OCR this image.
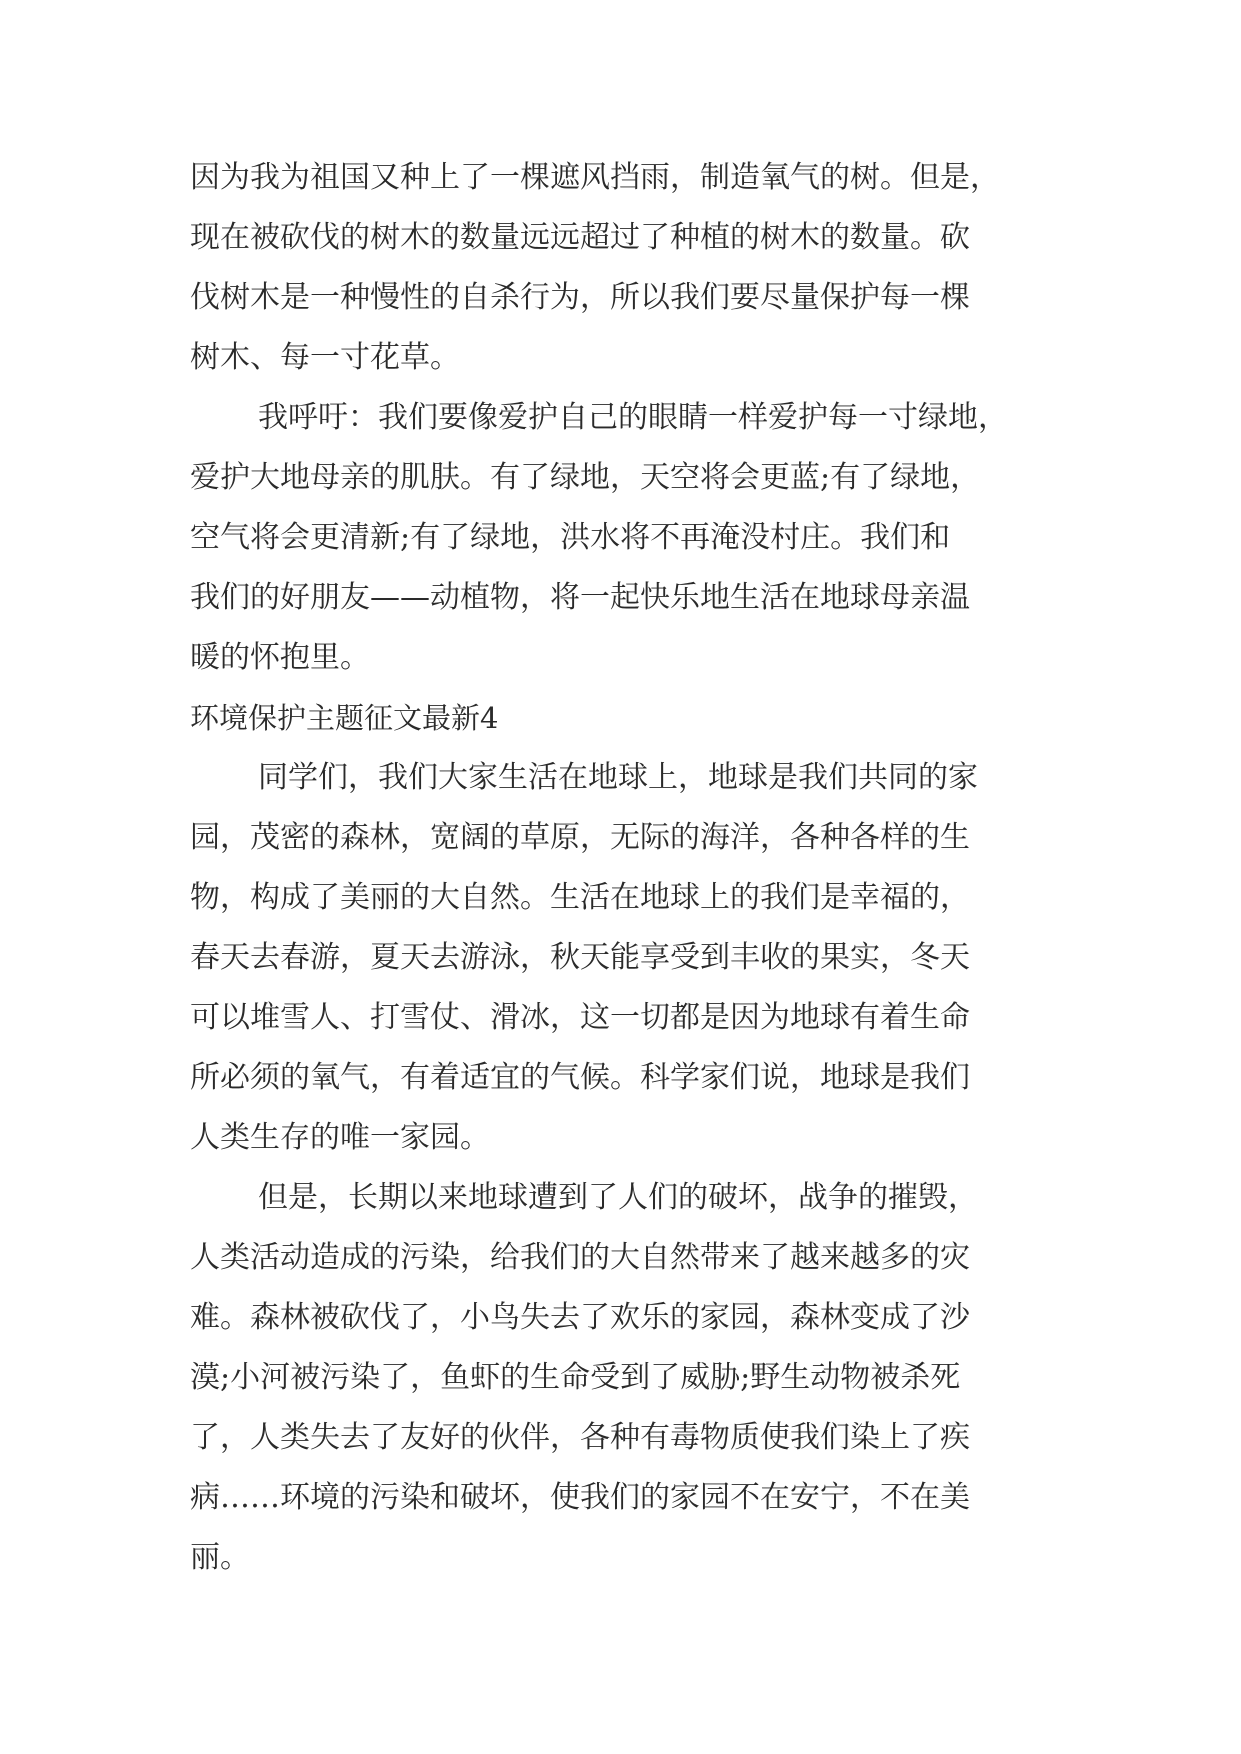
因为我为祖国又种上了一棵遮风挡雨，制造氧气的树。但是，
现在被砍伐的树木的数量远远超过了种植的树木的数量。砍
伐树木是一种慢性的自杀行为，所以我们要尽量保护每一棵
树木、每一寸花草。
我呼吁：我们要像爱护自己的眼睛一样爱护每一寸绿地，
爱护大地母亲的肌肤。有了绿地，天空将会更蓝;有了绿地，
空气将会更清新;有了绿地，洪水将不再淹没村庄。我们和
我们的好朋友——动植物，将一起快乐地生活在地球母亲温
暖的怀抱里。
环境保护主题征文最新4
同学们，我们大家生活在地球上，地球是我们共同的家
园，茂密的森林，宽阔的草原，无际的海洋，各种各样的生
物，构成了美丽的大自然。生活在地球上的我们是幸福的，
春天去春游，夏天去游泳，秋天能享受到丰收的果实，冬天
可以堆雪人、打雪仗、滑冰，这一切都是因为地球有着生命
所必须的氧气，有着适宜的气候。科学家们说，地球是我们
人类生存的唯一家园。
但是，长期以来地球遭到了人们的破坏，战争的摧毁，
人类活动造成的污染，给我们的大自然带来了越来越多的灾
难。森林被砍伐了，小鸟失去了欢乐的家园，森林变成了沙
漠;小河被污染了，鱼虾的生命受到了威胁;野生动物被杀死
了，人类失去了友好的伙伴，各种有毒物质使我们染上了疾
病……环境的污染和破坏，使我们的家园不在安宁，不在美
丽。
